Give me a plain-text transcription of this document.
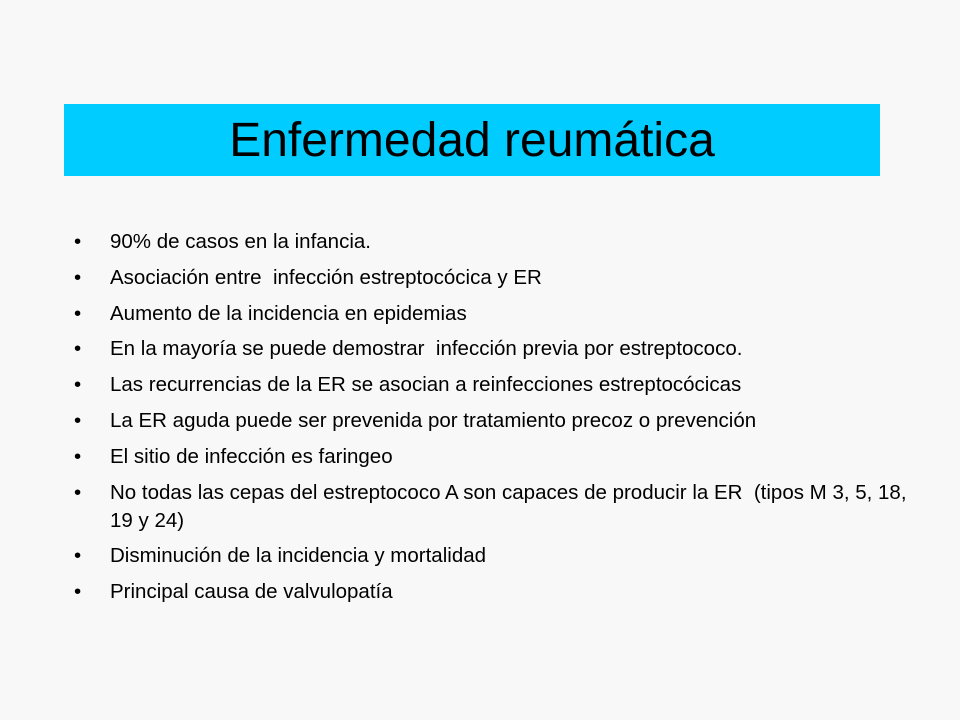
Enfermedad reumática
•	90% de casos en la infancia.
•	Asociación entre  infección estreptocócica y ER
•	Aumento de la incidencia en epidemias
•	En la mayoría se puede demostrar  infección previa por estreptococo.
•	Las recurrencias de la ER se asocian a reinfecciones estreptocócicas
•	La ER aguda puede ser prevenida por tratamiento precoz o prevención
•	El sitio de infección es faringeo
•	No todas las cepas del estreptococo A son capaces de producir la ER  (tipos M 3, 5, 18, 19 y 24)
•	Disminución de la incidencia y mortalidad
•	Principal causa de valvulopatía
